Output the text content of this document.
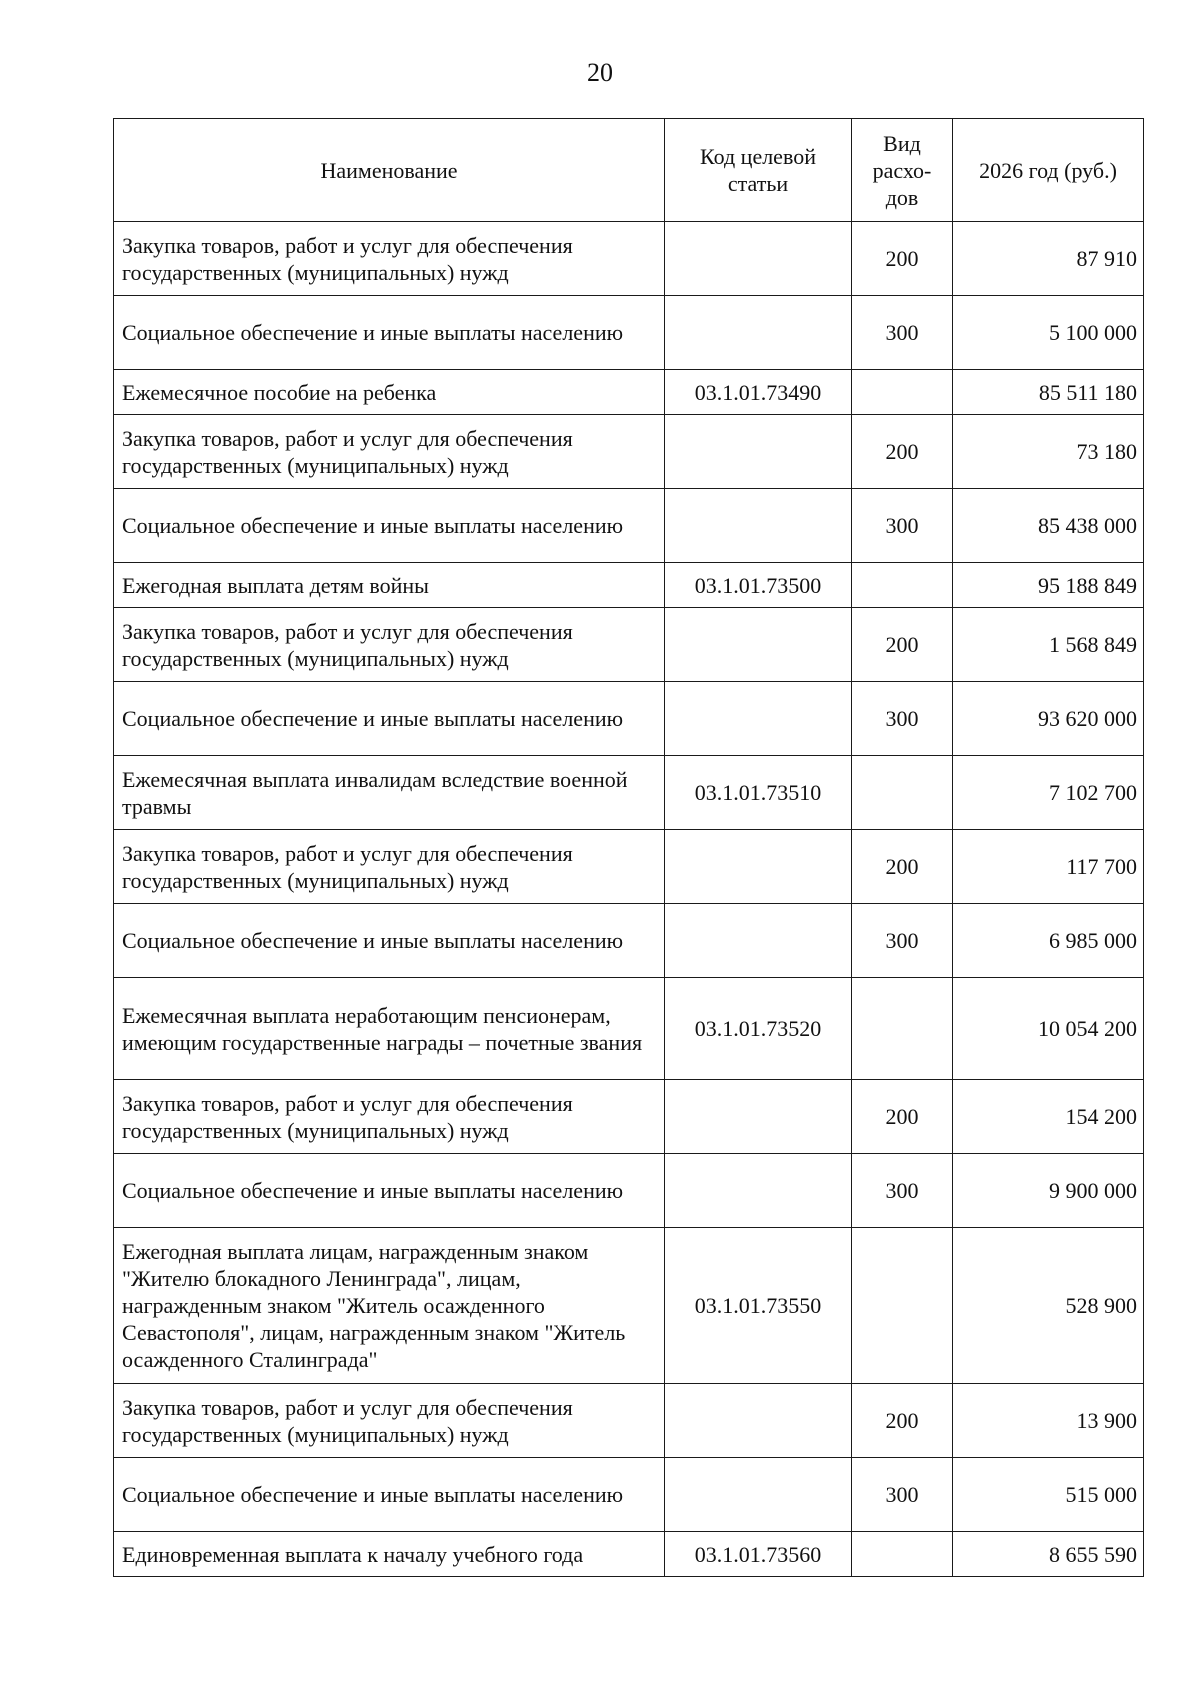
20
Наименование	Код целевой статьи	Вид расхо-дов	2026 год (руб.)
Закупка товаров, работ и услуг для обеспечения государственных (муниципальных) нужд		200	87 910
Социальное обеспечение и иные выплаты населению		300	5 100 000
Ежемесячное пособие на ребенка	03.1.01.73490		85 511 180
Закупка товаров, работ и услуг для обеспечения государственных (муниципальных) нужд		200	73 180
Социальное обеспечение и иные выплаты населению		300	85 438 000
Ежегодная выплата детям войны	03.1.01.73500		95 188 849
Закупка товаров, работ и услуг для обеспечения государственных (муниципальных) нужд		200	1 568 849
Социальное обеспечение и иные выплаты населению		300	93 620 000
Ежемесячная выплата инвалидам вследствие военной травмы	03.1.01.73510		7 102 700
Закупка товаров, работ и услуг для обеспечения государственных (муниципальных) нужд		200	117 700
Социальное обеспечение и иные выплаты населению		300	6 985 000
Ежемесячная выплата неработающим пенсионерам, имеющим государственные награды – почетные звания	03.1.01.73520		10 054 200
Закупка товаров, работ и услуг для обеспечения государственных (муниципальных) нужд		200	154 200
Социальное обеспечение и иные выплаты населению		300	9 900 000
Ежегодная выплата лицам, награжденным знаком "Жителю блокадного Ленинграда", лицам, награжденным знаком "Житель осажденного Севастополя", лицам, награжденным знаком "Житель осажденного Сталинграда"	03.1.01.73550		528 900
Закупка товаров, работ и услуг для обеспечения государственных (муниципальных) нужд		200	13 900
Социальное обеспечение и иные выплаты населению		300	515 000
Единовременная выплата к началу учебного года	03.1.01.73560		8 655 590
